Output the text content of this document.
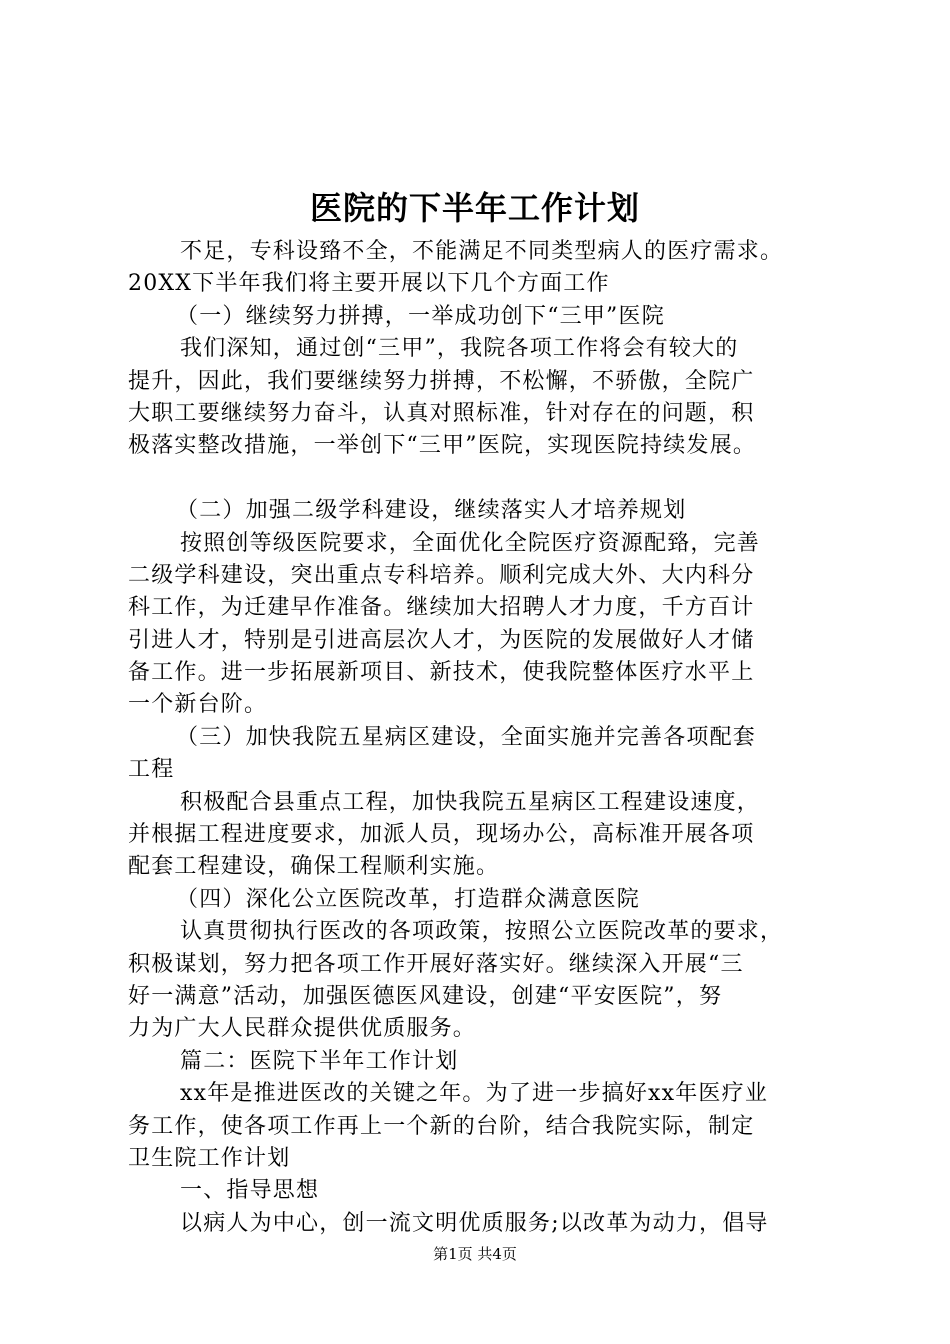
医院的下半年工作计划
不足，专科设臵不全，不能满足不同类型病人的医疗需求。
20XX下半年我们将主要开展以下几个方面工作
（一）继续努力拼搏，一举成功创下“三甲”医院
我们深知，通过创“三甲”，我院各项工作将会有较大的
提升，因此，我们要继续努力拼搏，不松懈，不骄傲，全院广
大职工要继续努力奋斗，认真对照标准，针对存在的问题，积
极落实整改措施，一举创下“三甲”医院，实现医院持续发展。
（二）加强二级学科建设，继续落实人才培养规划
按照创等级医院要求，全面优化全院医疗资源配臵，完善
二级学科建设，突出重点专科培养。顺利完成大外、大内科分
科工作，为迁建早作准备。继续加大招聘人才力度，千方百计
引进人才，特别是引进高层次人才，为医院的发展做好人才储
备工作。进一步拓展新项目、新技术，使我院整体医疗水平上
一个新台阶。
（三）加快我院五星病区建设，全面实施并完善各项配套
工程
积极配合县重点工程，加快我院五星病区工程建设速度，
并根据工程进度要求，加派人员，现场办公，高标准开展各项
配套工程建设，确保工程顺利实施。
（四）深化公立医院改革，打造群众满意医院
认真贯彻执行医改的各项政策，按照公立医院改革的要求，
积极谋划，努力把各项工作开展好落实好。继续深入开展“三
好一满意”活动，加强医德医风建设，创建“平安医院”，努
力为广大人民群众提供优质服务。
篇二：医院下半年工作计划
xx年是推进医改的关键之年。为了进一步搞好xx年医疗业
务工作，使各项工作再上一个新的台阶，结合我院实际，制定
卫生院工作计划
一、指导思想
以病人为中心，创一流文明优质服务;以改革为动力，倡导
第1页 共4页
